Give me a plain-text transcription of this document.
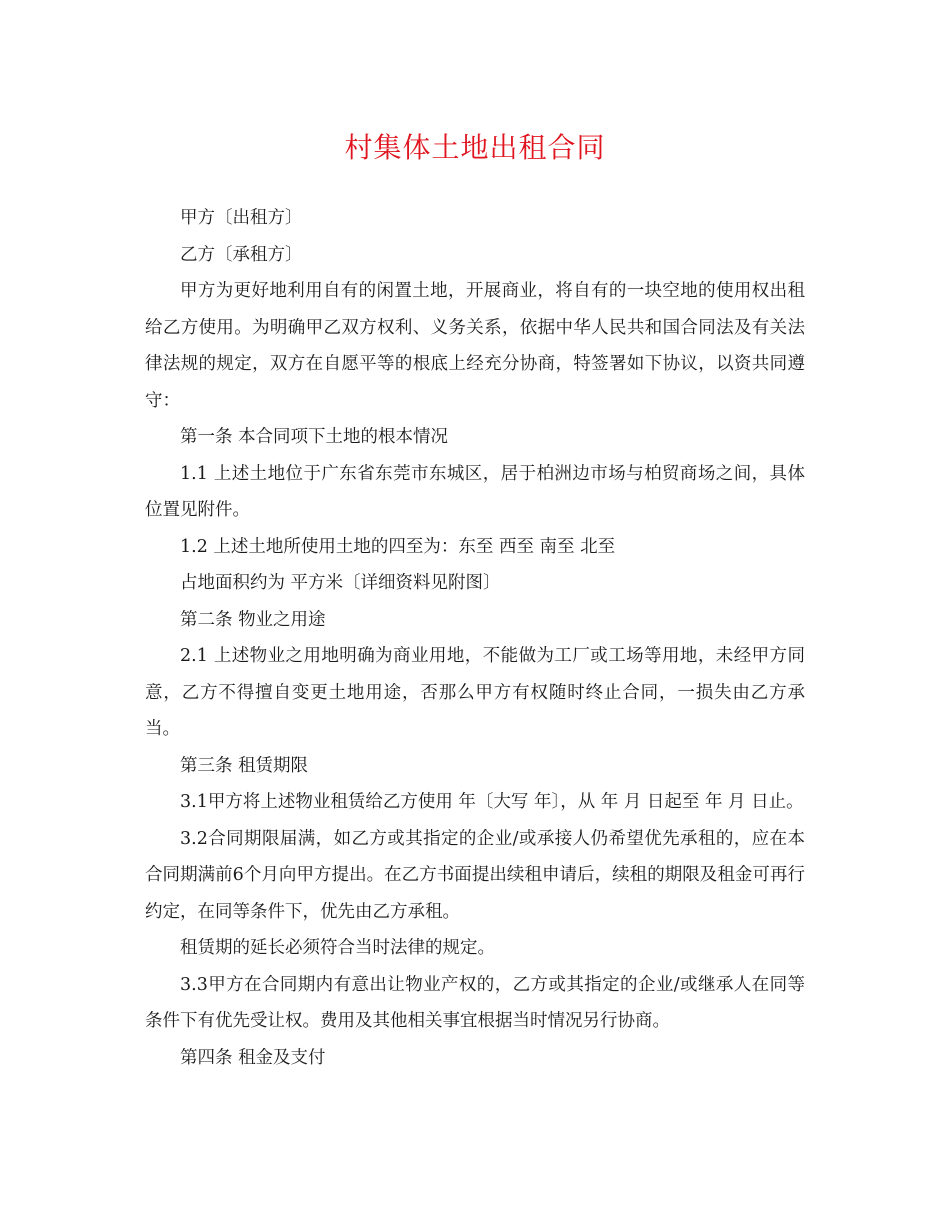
村集体土地出租合同

甲方〔出租方〕

乙方〔承租方〕

甲方为更好地利用自有的闲置土地，开展商业，将自有的一块空地的使用权出租给乙方使用。为明确甲乙双方权利、义务关系，依据中华人民共和国合同法及有关法律法规的规定，双方在自愿平等的根底上经充分协商，特签署如下协议，以资共同遵守：

第一条 本合同项下土地的根本情况

1.1 上述土地位于广东省东莞市东城区，居于柏洲边市场与柏贸商场之间，具体位置见附件。

1.2 上述土地所使用土地的四至为：东至 西至 南至 北至

占地面积约为 平方米〔详细资料见附图〕

第二条 物业之用途

2.1 上述物业之用地明确为商业用地，不能做为工厂或工场等用地，未经甲方同意，乙方不得擅自变更土地用途，否那么甲方有权随时终止合同，一损失由乙方承当。

第三条 租赁期限

3.1甲方将上述物业租赁给乙方使用 年〔大写 年〕，从 年 月 日起至 年 月 日止。

3.2合同期限届满，如乙方或其指定的企业/或承接人仍希望优先承租的，应在本合同期满前6个月向甲方提出。在乙方书面提出续租申请后，续租的期限及租金可再行约定，在同等条件下，优先由乙方承租。

租赁期的延长必须符合当时法律的规定。

3.3甲方在合同期内有意出让物业产权的，乙方或其指定的企业/或继承人在同等条件下有优先受让权。费用及其他相关事宜根据当时情况另行协商。

第四条 租金及支付
